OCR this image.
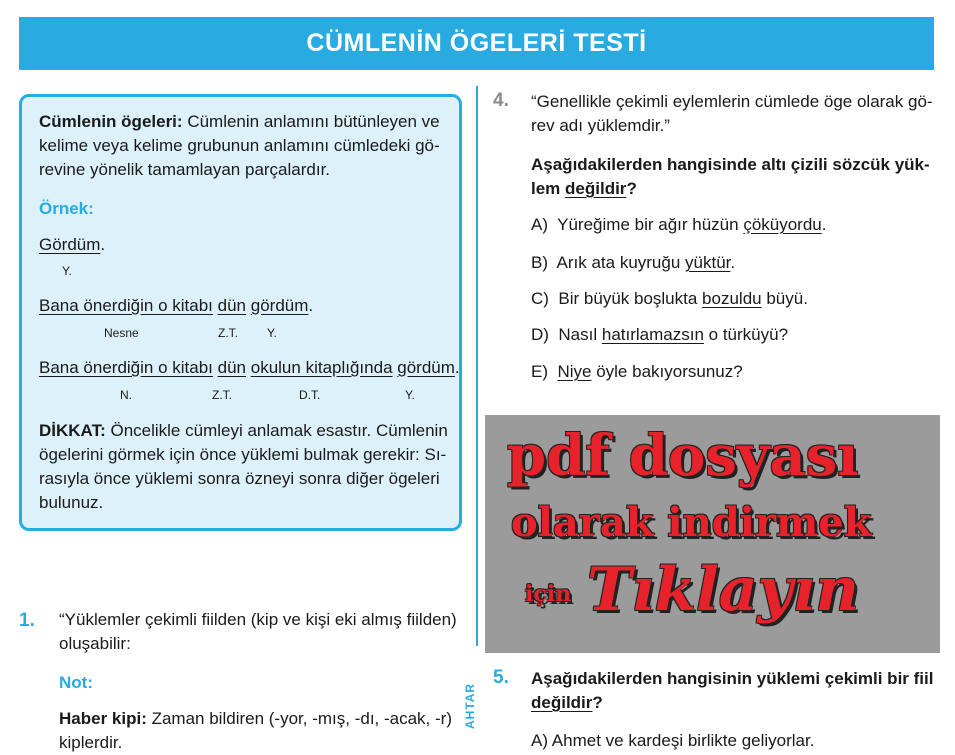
CÜMLENİN ÖGELERİ TESTİ
Cümlenin ögeleri: Cümlenin anlamını bütünleyen ve
kelime veya kelime grubunun anlamını cümledeki gö-
revine yönelik tamamlayan parçalardır.
Örnek:
Gördüm.
Y.
Bana önerdiğin o kitabı dün gördüm.
Nesne	Z.T. Y.
Bana önerdiğin o kitabı dün okulun kitaplığında gördüm.
N.	Z.T.	D.T.	Y.
DİKKAT: Öncelikle cümleyi anlamak esastır. Cümlenin
ögelerini görmek için önce yüklemi bulmak gerekir: Sı-
rasıyla önce yüklemi sonra özneyi sonra diğer ögeleri
bulunuz.
1. “Yüklemler çekimli fiilden (kip ve kişi eki almış fiilden)
oluşabilir:
Not:
Haber kipi: Zaman bildiren (-yor, -mış, -dı, -acak, -r)
kiplerdir.
4. “Genellikle çekimli eylemlerin cümlede öge olarak gö-
rev adı yüklemdir.”
Aşağıdakilerden hangisinde altı çizili sözcük yük-
lem değildir?
A) Yüreğime bir ağır hüzün çöküyordu.
B) Arık ata kuyruğu yüktür.
C) Bir büyük boşlukta bozuldu büyü.
D) Nasıl hatırlamazsın o türküyü?
E) Niye öyle bakıyorsunuz?
pdf dosyası
olarak indirmek
için Tıklayın
AHTAR
5. Aşağıdakilerden hangisinin yüklemi çekimli bir fiil
değildir?
A) Ahmet ve kardeşi birlikte geliyorlar.
